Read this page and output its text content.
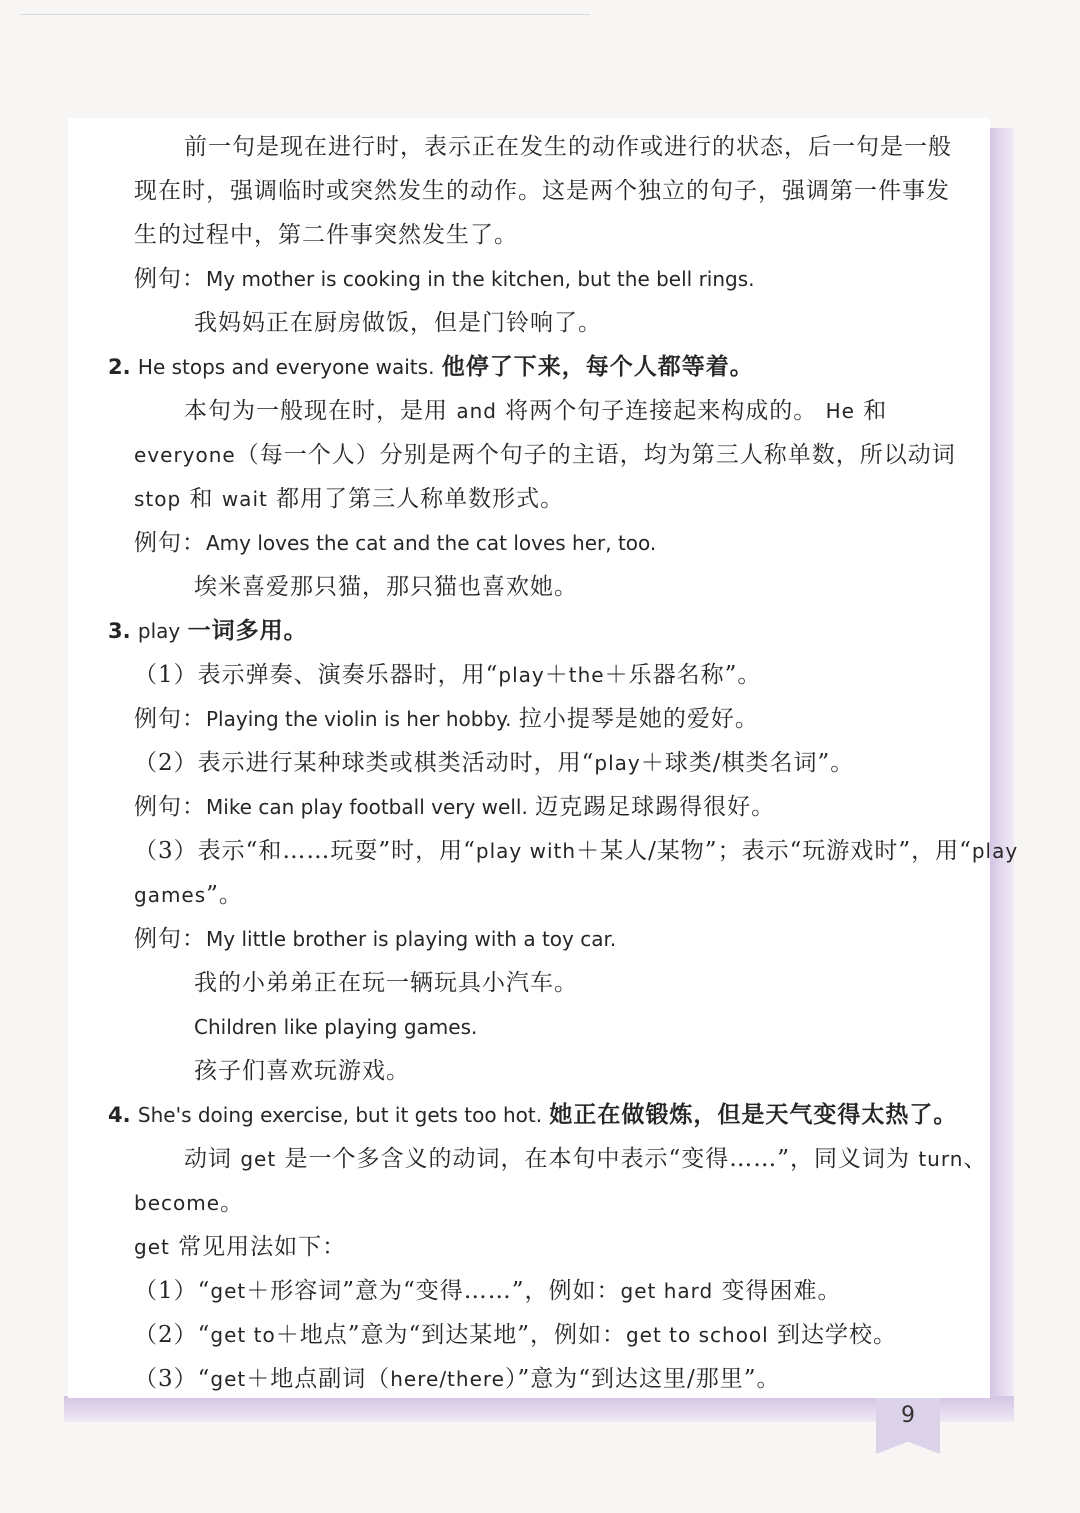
前一句是现在进行时，表示正在发生的动作或进行的状态，后一句是一般
现在时，强调临时或突然发生的动作。这是两个独立的句子，强调第一件事发
生的过程中，第二件事突然发生了。
例句：My mother is cooking in the kitchen, but the bell rings.
我妈妈正在厨房做饭，但是门铃响了。
2. He stops and everyone waits. 他停了下来，每个人都等着。
本句为一般现在时，是用 and 将两个句子连接起来构成的。 He 和
everyone（每一个人）分别是两个句子的主语，均为第三人称单数，所以动词
stop 和 wait 都用了第三人称单数形式。
例句：Amy loves the cat and the cat loves her, too.
埃米喜爱那只猫，那只猫也喜欢她。
3. play 一词多用。
（1）表示弹奏、演奏乐器时，用“play＋the＋乐器名称”。
例句：Playing the violin is her hobby. 拉小提琴是她的爱好。
（2）表示进行某种球类或棋类活动时，用“play＋球类/棋类名词”。
例句：Mike can play football very well. 迈克踢足球踢得很好。
（3）表示“和……玩耍”时，用“play with＋某人/某物”；表示“玩游戏时”，用“play
games”。
例句：My little brother is playing with a toy car.
我的小弟弟正在玩一辆玩具小汽车。
Children like playing games.
孩子们喜欢玩游戏。
4. She's doing exercise, but it gets too hot. 她正在做锻炼，但是天气变得太热了。
动词 get 是一个多含义的动词，在本句中表示“变得……”，同义词为 turn、
become。
get 常见用法如下：
（1）“get＋形容词”意为“变得……”，例如：get hard 变得困难。
（2）“get to＋地点”意为“到达某地”，例如：get to school 到达学校。
（3）“get＋地点副词（here/there）”意为“到达这里/那里”。
9
